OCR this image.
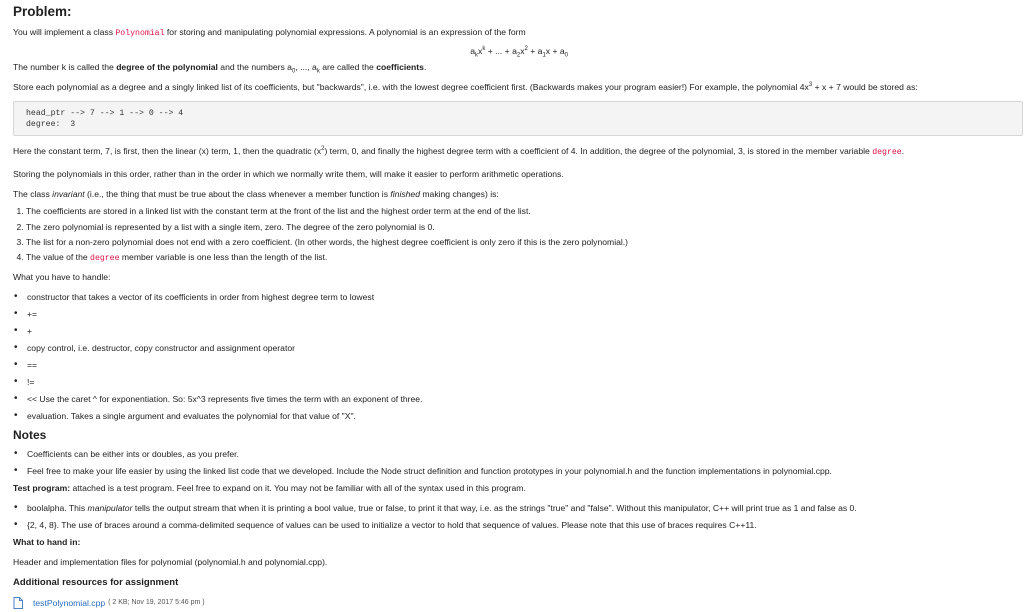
Problem:

You will implement a class Polynomial for storing and manipulating polynomial expressions. A polynomial is an expression of the form

$a_kx^k$ + ... + $a_2x^2 + a_1x + a_0$

The number k is called the degree of the polynomial and the numbers $a_0$, ..., $a_k$ are called the coefficients.

Store each polynomial as a degree and a singly linked list of its coefficients, but "backwards", i.e. with the lowest degree coefficient first. (Backwards makes your program easier!) For example, the polynomial $4x^3 + x + 7$ would be stored as:

head_ptr --> 7 --> 1 --> 0 --> 4
degree:  3

Here the constant term, 7, is first, then the linear (x) term, 1, then the quadratic $(x^2)$ term, 0, and finally the highest degree term with a coefficient of 4. In addition, the degree of the polynomial, 3, is stored in the member variable degree.

Storing the polynomials in this order, rather than in the order in which we normally write them, will make it easier to perform arithmetic operations.

The class invariant (i.e., the thing that must be true about the class whenever a member function is finished making changes) is:

1. The coefficients are stored in a linked list with the constant term at the front of the list and the highest order term at the end of the list.
2. The zero polynomial is represented by a list with a single item, zero. The degree of the zero polynomial is 0.
3. The list for a non-zero polynomial does not end with a zero coefficient. (In other words, the highest degree coefficient is only zero if this is the zero polynomial.)
4. The value of the degree member variable is one less than the length of the list.

What you have to handle:

• constructor that takes a vector of its coefficients in order from highest degree term to lowest
• +=
• +
• copy control, i.e. destructor, copy constructor and assignment operator
• ==
• !=
• << Use the caret ^ for exponentiation. So: 5x^3 represents five times the term with an exponent of three.
• evaluation. Takes a single argument and evaluates the polynomial for that value of "X".
Notes
• Coefficients can be either ints or doubles, as you prefer.
• Feel free to make your life easier by using the linked list code that we developed. Include the Node struct definition and function prototypes in your polynomial.h and the function implementations in polynomial.cpp.

Test program: attached is a test program. Feel free to expand on it. You may not be familiar with all of the syntax used in this program.

• boolalpha. This manipulator tells the output stream that when it is printing a bool value, true or false, to print it that way, i.e. as the strings "true" and "false". Without this manipulator, C++ will print true as 1 and false as 0.
• {2, 4, 8}. The use of braces around a comma-delimited sequence of values can be used to initialize a vector to hold that sequence of values. Please note that this use of braces requires C++11.

What to hand in:

Header and implementation files for polynomial (polynomial.h and polynomial.cpp).

Additional resources for assignment

testPolynomial.cpp ( 2 KB; Nov 19, 2017 5:46 pm )
